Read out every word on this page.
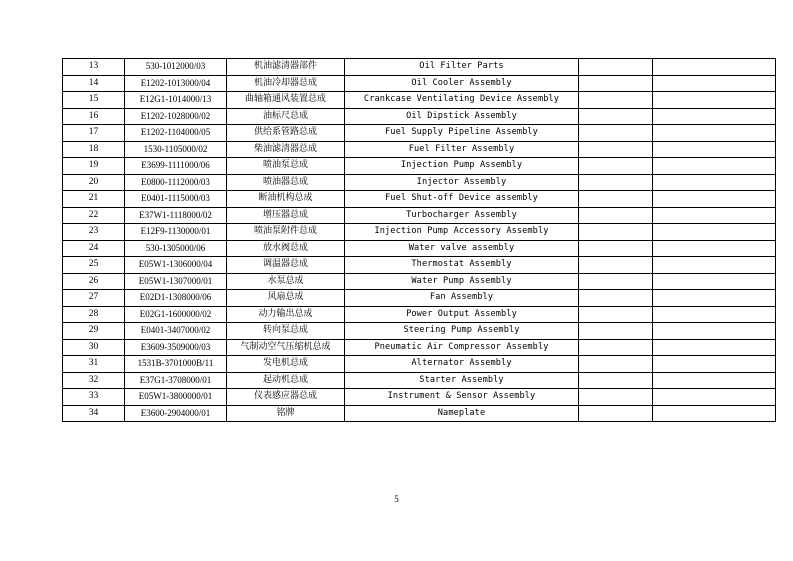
13	530-1012000/03	机油滤清器部件	Oil Filter Parts		
14	E1202-1013000/04	机油冷却器总成	Oil Cooler Assembly		
15	E12G1-1014000/13	曲轴箱通风装置总成	Crankcase Ventilating Device Assembly		
16	E1202-1028000/02	油标尺总成	Oil Dipstick Assembly		
17	E1202-1104000/05	供给系管路总成	Fuel Supply Pipeline Assembly		
18	1530-1105000/02	柴油滤清器总成	Fuel Filter Assembly		
19	E3699-1111000/06	喷油泵总成	Injection Pump Assembly		
20	E0800-1112000/03	喷油器总成	Injector Assembly		
21	E0401-1115000/03	断油机构总成	Fuel Shut-off Device assembly		
22	E37W1-1118000/02	增压器总成	Turbocharger Assembly		
23	E12F9-1130000/01	喷油泵附件总成	Injection Pump Accessory Assembly		
24	530-1305000/06	放水阀总成	Water valve assembly		
25	E05W1-1306000/04	调温器总成	Thermostat Assembly		
26	E05W1-1307000/01	水泵总成	Water Pump Assembly		
27	E02D1-1308000/06	风扇总成	Fan Assembly		
28	E02G1-1600000/02	动力输出总成	Power Output Assembly		
29	E0401-3407000/02	转向泵总成	Steering Pump Assembly		
30	E3609-3509000/03	气制动空气压缩机总成	Pneumatic Air Compressor Assembly		
31	1531B-3701000B/11	发电机总成	Alternator Assembly		
32	E37G1-3708000/01	起动机总成	Starter Assembly		
33	E05W1-3800000/01	仪表感应器总成	Instrument & Sensor Assembly		
34	E3600-2904000/01	铭牌	Nameplate		
5
